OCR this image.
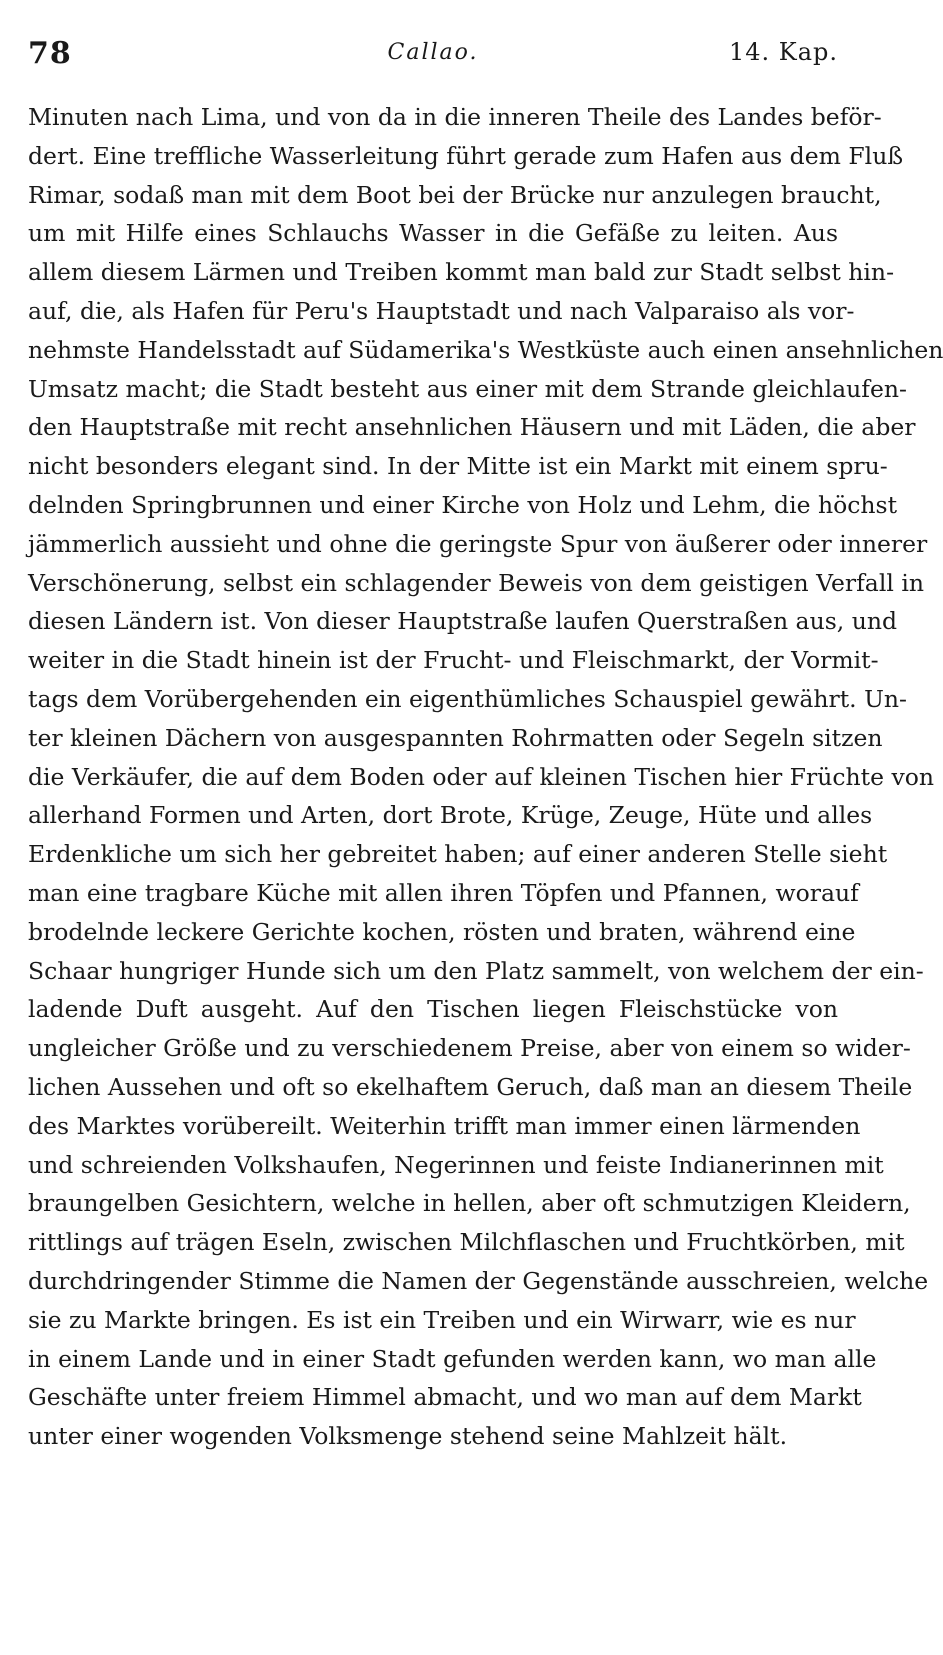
78	Callao.	14. Kap.
Minuten nach Lima, und von da in die inneren Theile des Landes beför-
dert. Eine treffliche Wasserleitung führt gerade zum Hafen aus dem Fluß
Rimar, sodaß man mit dem Boot bei der Brücke nur anzulegen braucht,
um mit Hilfe eines Schlauchs Wasser in die Gefäße zu leiten. Aus
allem diesem Lärmen und Treiben kommt man bald zur Stadt selbst hin-
auf, die, als Hafen für Peru's Hauptstadt und nach Valparaiso als vor-
nehmste Handelsstadt auf Südamerika's Westküste auch einen ansehnlichen
Umsatz macht; die Stadt besteht aus einer mit dem Strande gleichlaufen-
den Hauptstraße mit recht ansehnlichen Häusern und mit Läden, die aber
nicht besonders elegant sind. In der Mitte ist ein Markt mit einem spru-
delnden Springbrunnen und einer Kirche von Holz und Lehm, die höchst
jämmerlich aussieht und ohne die geringste Spur von äußerer oder innerer
Verschönerung, selbst ein schlagender Beweis von dem geistigen Verfall in
diesen Ländern ist. Von dieser Hauptstraße laufen Querstraßen aus, und
weiter in die Stadt hinein ist der Frucht- und Fleischmarkt, der Vormit-
tags dem Vorübergehenden ein eigenthümliches Schauspiel gewährt. Un-
ter kleinen Dächern von ausgespannten Rohrmatten oder Segeln sitzen
die Verkäufer, die auf dem Boden oder auf kleinen Tischen hier Früchte von
allerhand Formen und Arten, dort Brote, Krüge, Zeuge, Hüte und alles
Erdenkliche um sich her gebreitet haben; auf einer anderen Stelle sieht
man eine tragbare Küche mit allen ihren Töpfen und Pfannen, worauf
brodelnde leckere Gerichte kochen, rösten und braten, während eine
Schaar hungriger Hunde sich um den Platz sammelt, von welchem der ein-
ladende Duft ausgeht. Auf den Tischen liegen Fleischstücke von
ungleicher Größe und zu verschiedenem Preise, aber von einem so wider-
lichen Aussehen und oft so ekelhaftem Geruch, daß man an diesem Theile
des Marktes vorübereilt. Weiterhin trifft man immer einen lärmenden
und schreienden Volkshaufen, Negerinnen und feiste Indianerinnen mit
braungelben Gesichtern, welche in hellen, aber oft schmutzigen Kleidern,
rittlings auf trägen Eseln, zwischen Milchflaschen und Fruchtkörben, mit
durchdringender Stimme die Namen der Gegenstände ausschreien, welche
sie zu Markte bringen. Es ist ein Treiben und ein Wirwarr, wie es nur
in einem Lande und in einer Stadt gefunden werden kann, wo man alle
Geschäfte unter freiem Himmel abmacht, und wo man auf dem Markt
unter einer wogenden Volksmenge stehend seine Mahlzeit hält.
